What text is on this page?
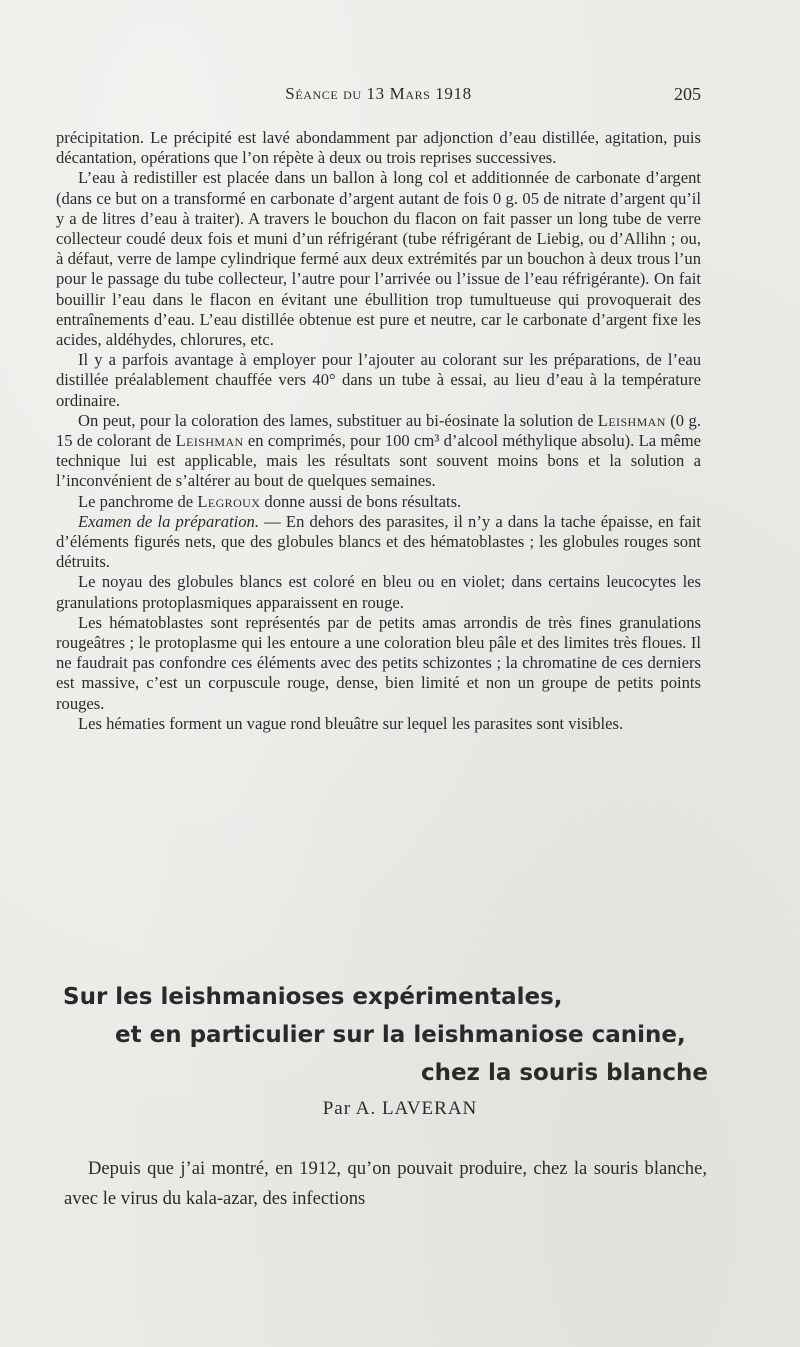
Séance du 13 Mars 1918	205

précipitation. Le précipité est lavé abondamment par adjonction d’eau distillée, agitation, puis décantation, opérations que l’on répète à deux ou trois reprises successives.

L’eau à redistiller est placée dans un ballon à long col et additionnée de carbonate d’argent (dans ce but on a transformé en carbonate d’argent autant de fois 0 g. 05 de nitrate d’argent qu’il y a de litres d’eau à traiter). A travers le bouchon du flacon on fait passer un long tube de verre collecteur coudé deux fois et muni d’un réfrigérant (tube réfrigérant de Liebig, ou d’Allihn ; ou, à défaut, verre de lampe cylindrique fermé aux deux extrémités par un bouchon à deux trous l’un pour le passage du tube collecteur, l’autre pour l’arrivée ou l’issue de l’eau réfrigérante). On fait bouillir l’eau dans le flacon en évitant une ébullition trop tumultueuse qui provoquerait des entraînements d’eau. L’eau distillée obtenue est pure et neutre, car le carbonate d’argent fixe les acides, aldéhydes, chlorures, etc.

Il y a parfois avantage à employer pour l’ajouter au colorant sur les préparations, de l’eau distillée préalablement chauffée vers 40° dans un tube à essai, au lieu d’eau à la température ordinaire.

On peut, pour la coloration des lames, substituer au bi-éosinate la solution de Leishman (0 g. 15 de colorant de Leishman en comprimés, pour 100 cm³ d’alcool méthylique absolu). La même technique lui est applicable, mais les résultats sont souvent moins bons et la solution a l’inconvénient de s’altérer au bout de quelques semaines.

Le panchrome de Legroux donne aussi de bons résultats.

Examen de la préparation. — En dehors des parasites, il n’y a dans la tache épaisse, en fait d’éléments figurés nets, que des globules blancs et des hématoblastes ; les globules rouges sont détruits.

Le noyau des globules blancs est coloré en bleu ou en violet; dans certains leucocytes les granulations protoplasmiques apparaissent en rouge.

Les hématoblastes sont représentés par de petits amas arrondis de très fines granulations rougeâtres ; le protoplasme qui les entoure a une coloration bleu pâle et des limites très floues. Il ne faudrait pas confondre ces éléments avec des petits schizontes ; la chromatine de ces derniers est massive, c’est un corpuscule rouge, dense, bien limité et non un groupe de petits points rouges.

Les hématies forment un vague rond bleuâtre sur lequel les parasites sont visibles.

Sur les leishmanioses expérimentales,
et en particulier sur la leishmaniose canine,
chez la souris blanche
Par A. LAVERAN

Depuis que j’ai montré, en 1912, qu’on pouvait produire, chez la souris blanche, avec le virus du kala-azar, des infections
